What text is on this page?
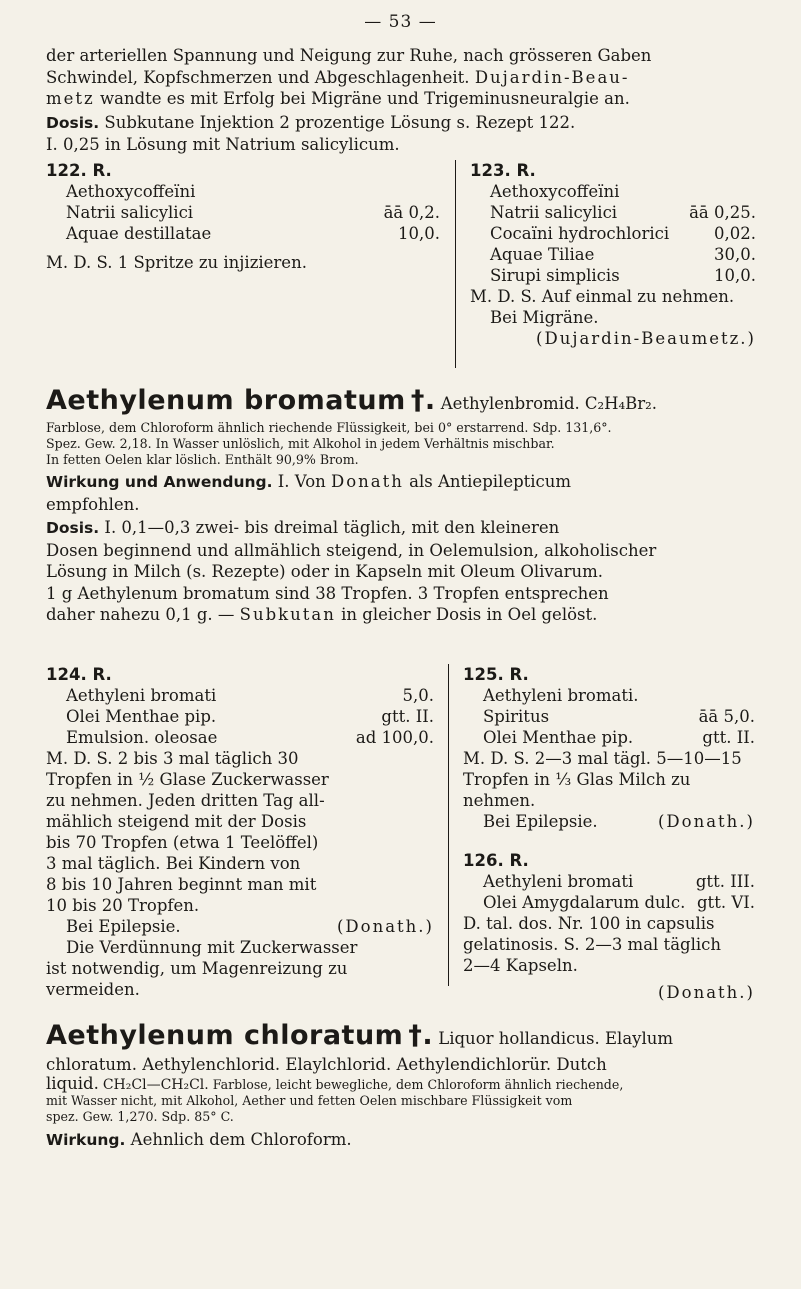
— 53 —

der arteriellen Spannung und Neigung zur Ruhe, nach grösseren Gaben

Schwindel, Kopfschmerzen und Abgeschlagenheit. Dujardin-Beau-

metz wandte es mit Erfolg bei Migräne und Trigeminusneuralgie an.

Dosis. Subkutane Injektion 2 prozentige Lösung s. Rezept 122.

I. 0,25 in Lösung mit Natrium salicylicum.

122. R.
Aethoxycoffeïni
Natrii salicylici	āā 0,2.
Aquae destillatae	10,0.
M. D. S. 1 Spritze zu injizieren.
123. R.
Aethoxycoffeïni
Natrii salicylici	āā 0,25.
Cocaïni hydrochlorici	0,02.
Aquae Tiliae	30,0.
Sirupi simplicis	10,0.
M. D. S. Auf einmal zu nehmen.
Bei Migräne.
(Dujardin-Beaumetz.)
Aethylenum bromatum †. Aethylenbromid. C₂H₄Br₂.
Farblose, dem Chloroform ähnlich riechende Flüssigkeit, bei 0° erstarrend. Sdp. 131,6°.
Spez. Gew. 2,18. In Wasser unlöslich, mit Alkohol in jedem Verhältnis mischbar.
In fetten Oelen klar löslich. Enthält 90,9% Brom.

Wirkung und Anwendung. I. Von Donath als Antiepilepticum

empfohlen.

Dosis. I. 0,1—0,3 zwei- bis dreimal täglich, mit den kleineren

Dosen beginnend und allmählich steigend, in Oelemulsion, alkoholischer

Lösung in Milch (s. Rezepte) oder in Kapseln mit Oleum Olivarum.

1 g Aethylenum bromatum sind 38 Tropfen. 3 Tropfen entsprechen

daher nahezu 0,1 g. — Subkutan in gleicher Dosis in Oel gelöst.

124. R.
Aethyleni bromati	5,0.
Olei Menthae pip.	gtt. II.
Emulsion. oleosae	ad 100,0.
M. D. S. 2 bis 3 mal täglich 30
Tropfen in ½ Glase Zuckerwasser
zu nehmen. Jeden dritten Tag all-
mählich steigend mit der Dosis
bis 70 Tropfen (etwa 1 Teelöffel)
3 mal täglich. Bei Kindern von
8 bis 10 Jahren beginnt man mit
10 bis 20 Tropfen.
Bei Epilepsie.	(Donath.)
Die Verdünnung mit Zuckerwasser
ist notwendig, um Magenreizung zu
vermeiden.
125. R.
Aethyleni bromati.
Spiritus	āā 5,0.
Olei Menthae pip.	gtt. II.
M. D. S. 2—3 mal tägl. 5—10—15
Tropfen in ⅓ Glas Milch zu nehmen.
Bei Epilepsie.	(Donath.)
126. R.
Aethyleni bromati	gtt. III.
Olei Amygdalarum dulc. gtt. VI.
D. tal. dos. Nr. 100 in capsulis
gelatinosis. S. 2—3 mal täglich
2—4 Kapseln.
(Donath.)
Aethylenum chloratum †. Liquor hollandicus. Elaylum

chloratum. Aethylenchlorid. Elaylchlorid. Aethylendichlorür. Dutch

liquid. CH₂Cl—CH₂Cl. Farblose, leicht bewegliche, dem Chloroform ähnlich riechende,
mit Wasser nicht, mit Alkohol, Aether und fetten Oelen mischbare Flüssigkeit vom
spez. Gew. 1,270. Sdp. 85° C.

Wirkung. Aehnlich dem Chloroform.
